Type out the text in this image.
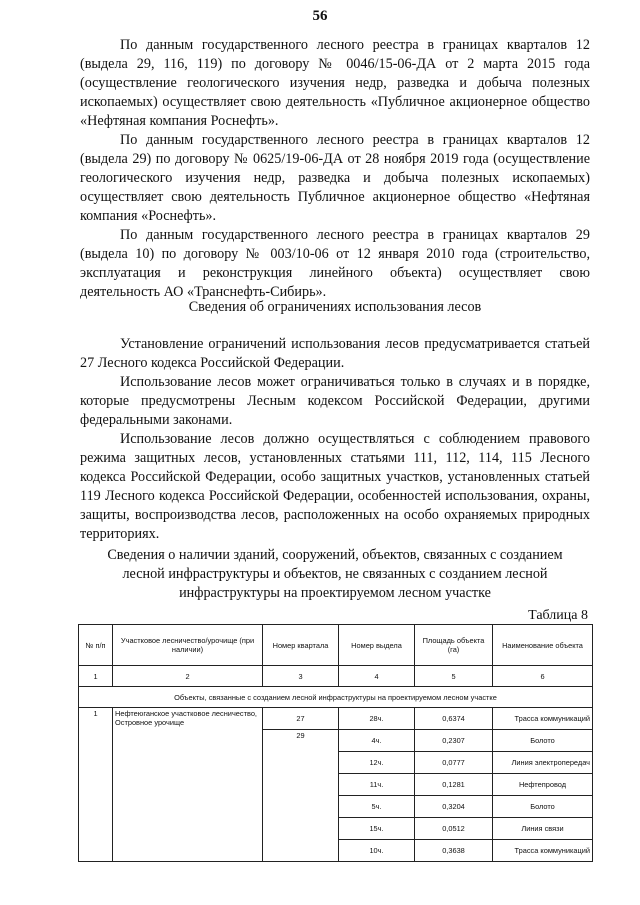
56

По данным государственного лесного реестра в границах кварталов 12 (выдела 29, 116, 119) по договору № 0046/15-06-ДА от 2 марта 2015 года (осуществление геологического изучения недр, разведка и добыча полезных ископаемых) осуществляет свою деятельность «Публичное акционерное общество «Нефтяная компания Роснефть».

По данным государственного лесного реестра в границах кварталов 12 (выдела 29) по договору № 0625/19-06-ДА от 28 ноября 2019 года (осуществление геологического изучения недр, разведка и добыча полезных ископаемых) осуществляет свою деятельность Публичное акционерное общество «Нефтяная компания «Роснефть».

По данным государственного лесного реестра в границах кварталов 29 (выдела 10) по договору № 003/10-06 от 12 января 2010 года (строительство, эксплуатация и реконструкция линейного объекта) осуществляет свою деятельность АО «Транснефть-Сибирь».

Сведения об ограничениях использования лесов

Установление ограничений использования лесов предусматривается статьей 27 Лесного кодекса Российской Федерации.

Использование лесов может ограничиваться только в случаях и в порядке, которые предусмотрены Лесным кодексом Российской Федерации, другими федеральными законами.

Использование лесов должно осуществляться с соблюдением правового режима защитных лесов, установленных статьями 111, 112, 114, 115 Лесного кодекса Российской Федерации, особо защитных участков, установленных статьей 119 Лесного кодекса Российской Федерации, особенностей использования, охраны, защиты, воспроизводства лесов, расположенных на особо охраняемых природных территориях.

Сведения о наличии зданий, сооружений, объектов, связанных с созданием
лесной инфраструктуры и объектов, не связанных с созданием лесной
инфраструктуры на проектируемом лесном участке
Таблица 8
№ п/п	Участковое лесничество/урочище (при наличии)	Номер квартала	Номер выдела	Площадь объекта (га)	Наименование объекта
1	2	3	4	5	6
Объекты, связанные с созданием лесной инфраструктуры на проектируемом лесном участке					
1	Нефтеюганское участковое лесничество, Островное урочище	27	28ч.	0,6374	Трасса коммуникаций
		29	4ч.	0,2307	Болото
			12ч.	0,0777	Линия электропередач
			11ч.	0,1281	Нефтепровод
			5ч.	0,3204	Болото
			15ч.	0,0512	Линия связи
			10ч.	0,3638	Трасса коммуникаций
